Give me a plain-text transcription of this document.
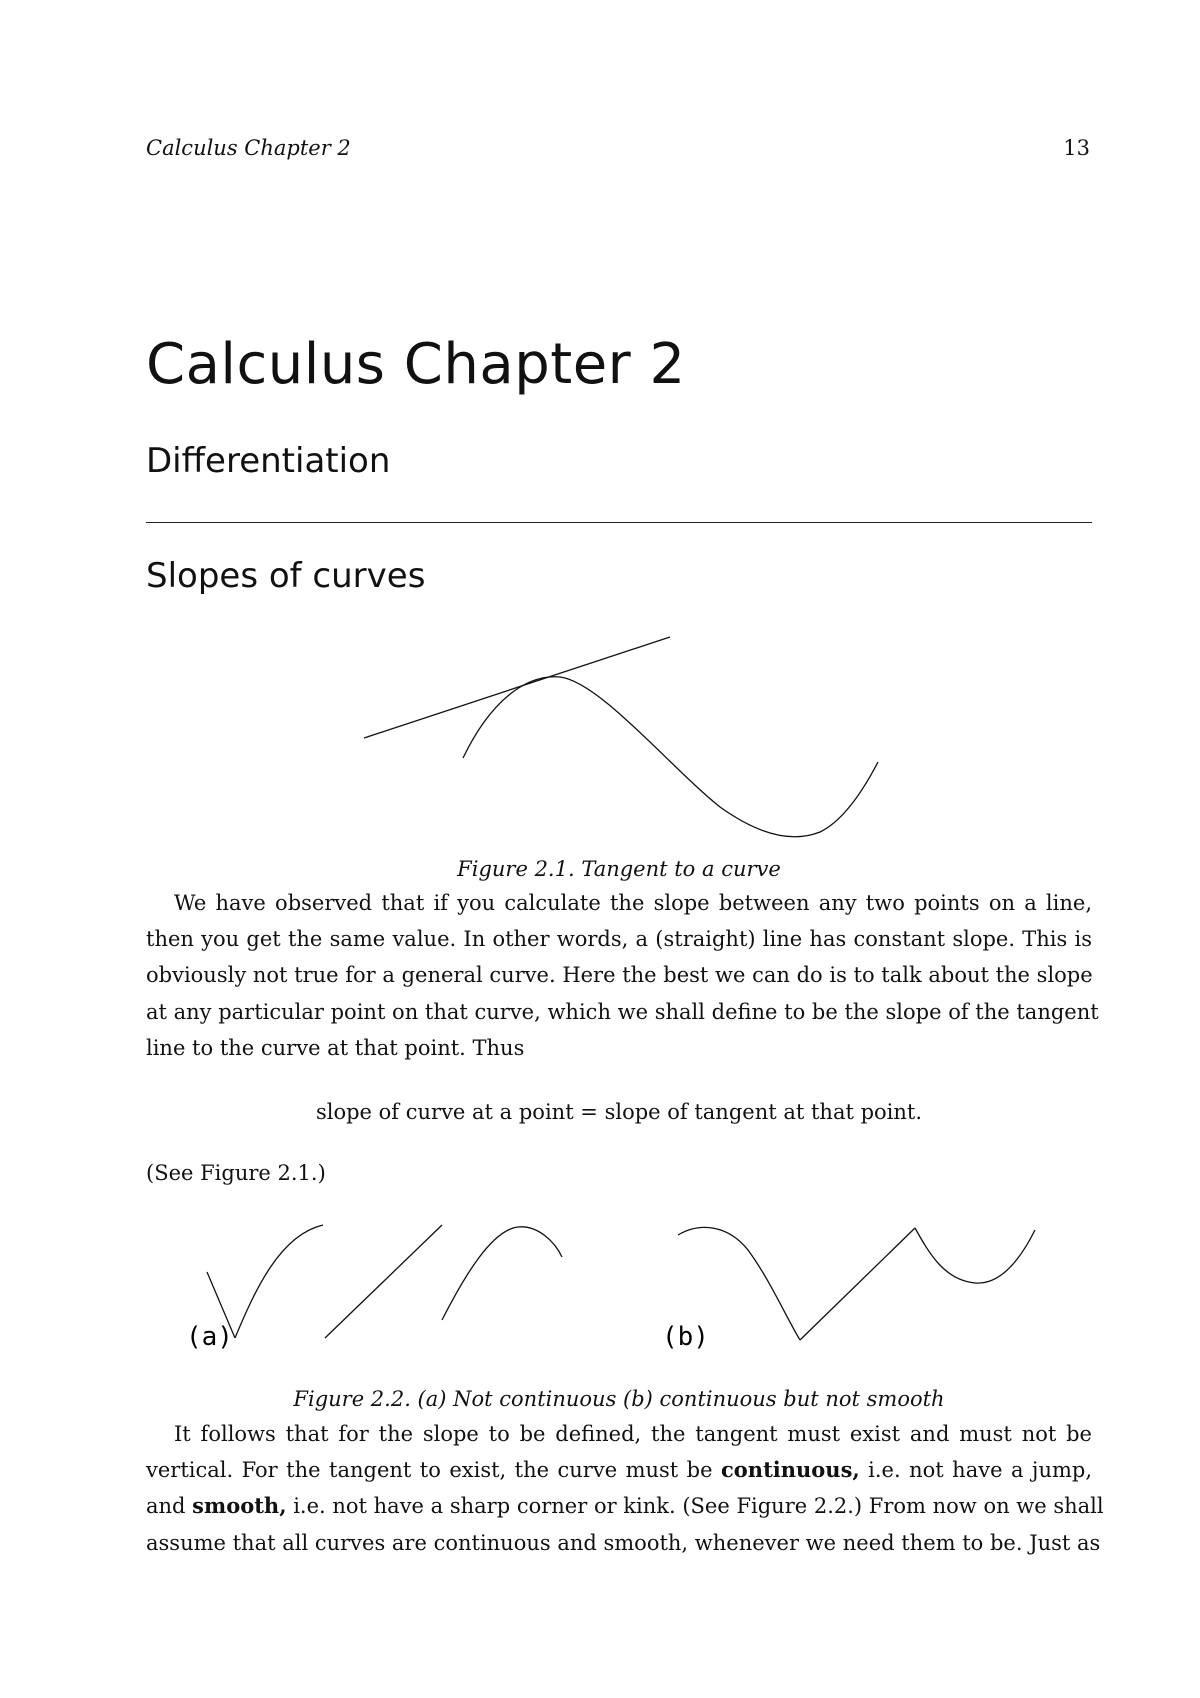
Calculus Chapter 2	13
Calculus Chapter 2
Differentiation
Slopes of curves
Figure 2.1. Tangent to a curve
We have observed that if you calculate the slope between any two points on a line,
then you get the same value. In other words, a (straight) line has constant slope. This is
obviously not true for a general curve. Here the best we can do is to talk about the slope
at any particular point on that curve, which we shall define to be the slope of the tangent
line to the curve at that point. Thus
slope of curve at a point = slope of tangent at that point.
(See Figure 2.1.)
(a)	(b)
Figure 2.2. (a) Not continuous (b) continuous but not smooth
It follows that for the slope to be defined, the tangent must exist and must not be
vertical. For the tangent to exist, the curve must be continuous, i.e. not have a jump,
and smooth, i.e. not have a sharp corner or kink. (See Figure 2.2.) From now on we shall
assume that all curves are continuous and smooth, whenever we need them to be. Just as
